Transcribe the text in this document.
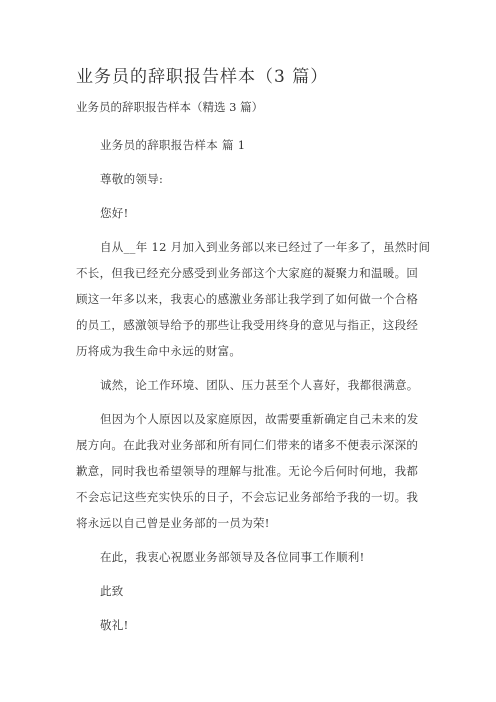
业务员的辞职报告样本（3 篇）
业务员的辞职报告样本（精选 3 篇）
业务员的辞职报告样本 篇 1
尊敬的领导:
您好!
自从__年 12 月加入到业务部以来已经过了一年多了，虽然时间
不长，但我已经充分感受到业务部这个大家庭的凝聚力和温暖。回
顾这一年多以来，我衷心的感激业务部让我学到了如何做一个合格
的员工，感激领导给予的那些让我受用终身的意见与指正，这段经
历将成为我生命中永远的财富。
诚然，论工作环境、团队、压力甚至个人喜好，我都很满意。
但因为个人原因以及家庭原因，故需要重新确定自己未来的发
展方向。在此我对业务部和所有同仁们带来的诸多不便表示深深的
歉意，同时我也希望领导的理解与批准。无论今后何时何地，我都
不会忘记这些充实快乐的日子，不会忘记业务部给予我的一切。我
将永远以自己曾是业务部的一员为荣!
在此，我衷心祝愿业务部领导及各位同事工作顺利!
此致
敬礼!
